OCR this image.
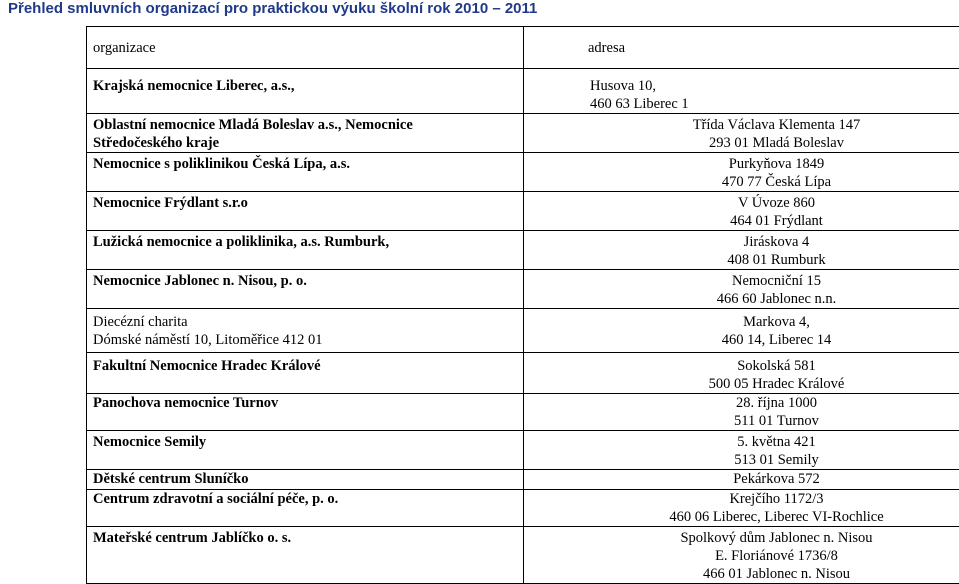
Přehled smluvních organizací pro praktickou výuku školní rok 2010 – 2011
organizace	adresa

Krajská nemocnice Liberec, a.s.,	Husova 10,
460 63 Liberec 1

Oblastní nemocnice Mladá Boleslav a.s., Nemocnice
Středočeského kraje	Třída Václava Klementa 147
293 01 Mladá Boleslav

Nemocnice s poliklinikou Česká Lípa, a.s.	Purkyňova 1849
470 77 Česká Lípa

Nemocnice Frýdlant s.r.o	V Úvoze 860
464 01 Frýdlant

Lužická nemocnice a poliklinika, a.s. Rumburk,	Jiráskova 4
408 01 Rumburk

Nemocnice Jablonec n. Nisou, p. o.	Nemocniční 15
466 60 Jablonec n.n.

Diecézní charita
Dómské náměstí 10, Litoměřice 412 01	Markova 4,
460 14, Liberec 14

Fakultní Nemocnice Hradec Králové	Sokolská 581
500 05 Hradec Králové

Panochova nemocnice Turnov	28. října 1000
511 01 Turnov

Nemocnice Semily	5. května 421
513 01 Semily

Dětské centrum Sluníčko	Pekárkova 572

Centrum zdravotní a sociální péče, p. o.	Krejčího 1172/3
460 06 Liberec, Liberec VI-Rochlice

Mateřské centrum Jablíčko o. s.	Spolkový dům Jablonec n. Nisou
E. Floriánové 1736/8
466 01 Jablonec n. Nisou
